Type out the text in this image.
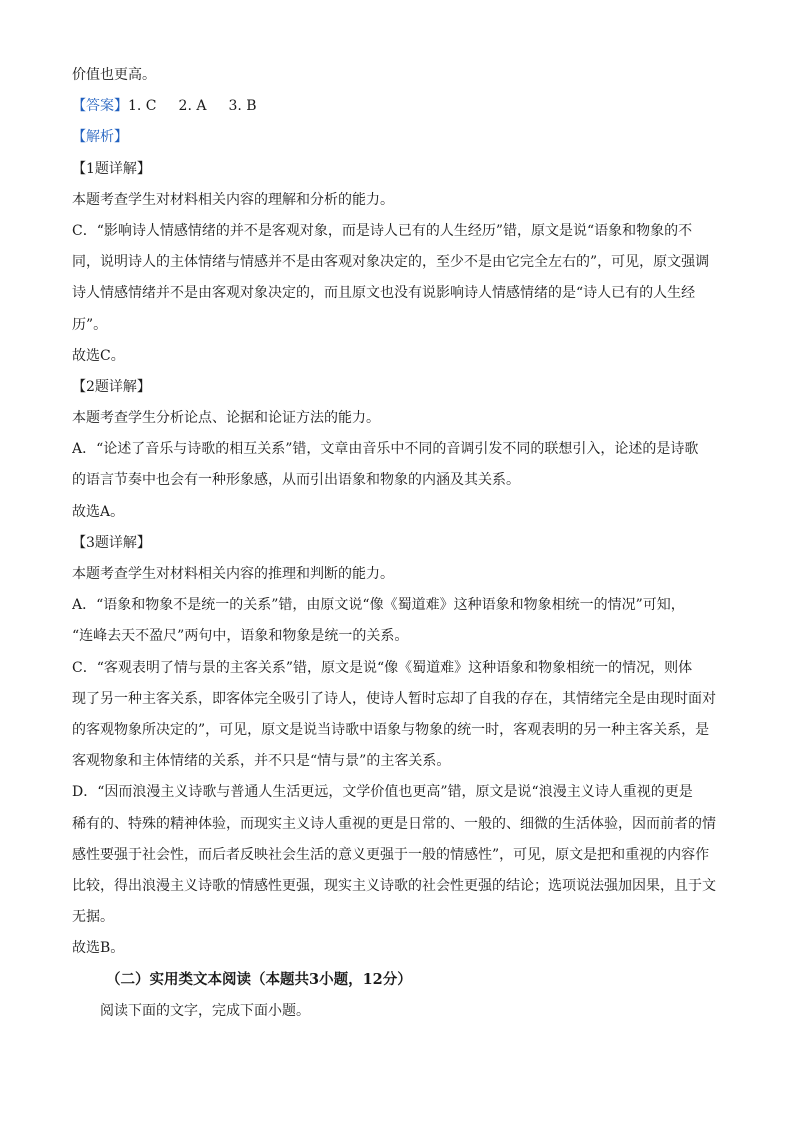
价值也更高。
【答案】1. C 2. A 3. B
【解析】
【1题详解】
本题考查学生对材料相关内容的理解和分析的能力。
C．“影响诗人情感情绪的并不是客观对象，而是诗人已有的人生经历”错，原文是说“语象和物象的不
同，说明诗人的主体情绪与情感并不是由客观对象决定的，至少不是由它完全左右的”，可见，原文强调
诗人情感情绪并不是由客观对象决定的，而且原文也没有说影响诗人情感情绪的是“诗人已有的人生经
历”。
故选C。
【2题详解】
本题考查学生分析论点、论据和论证方法的能力。
A．“论述了音乐与诗歌的相互关系”错，文章由音乐中不同的音调引发不同的联想引入，论述的是诗歌
的语言节奏中也会有一种形象感，从而引出语象和物象的内涵及其关系。
故选A。
【3题详解】
本题考查学生对材料相关内容的推理和判断的能力。
A．“语象和物象不是统一的关系”错，由原文说“像《蜀道难》这种语象和物象相统一的情况”可知，
“连峰去天不盈尺”两句中，语象和物象是统一的关系。
C．“客观表明了情与景的主客关系”错，原文是说“像《蜀道难》这种语象和物象相统一的情况，则体
现了另一种主客关系，即客体完全吸引了诗人，使诗人暂时忘却了自我的存在，其情绪完全是由现时面对
的客观物象所决定的”，可见，原文是说当诗歌中语象与物象的统一时，客观表明的另一种主客关系，是
客观物象和主体情绪的关系，并不只是“情与景”的主客关系。
D．“因而浪漫主义诗歌与普通人生活更远，文学价值也更高”错，原文是说“浪漫主义诗人重视的更是
稀有的、特殊的精神体验，而现实主义诗人重视的更是日常的、一般的、细微的生活体验，因而前者的情
感性要强于社会性，而后者反映社会生活的意义更强于一般的情感性”，可见，原文是把和重视的内容作
比较，得出浪漫主义诗歌的情感性更强，现实主义诗歌的社会性更强的结论；选项说法强加因果，且于文
无据。
故选B。
（二）实用类文本阅读（本题共3小题，12分）
阅读下面的文字，完成下面小题。
